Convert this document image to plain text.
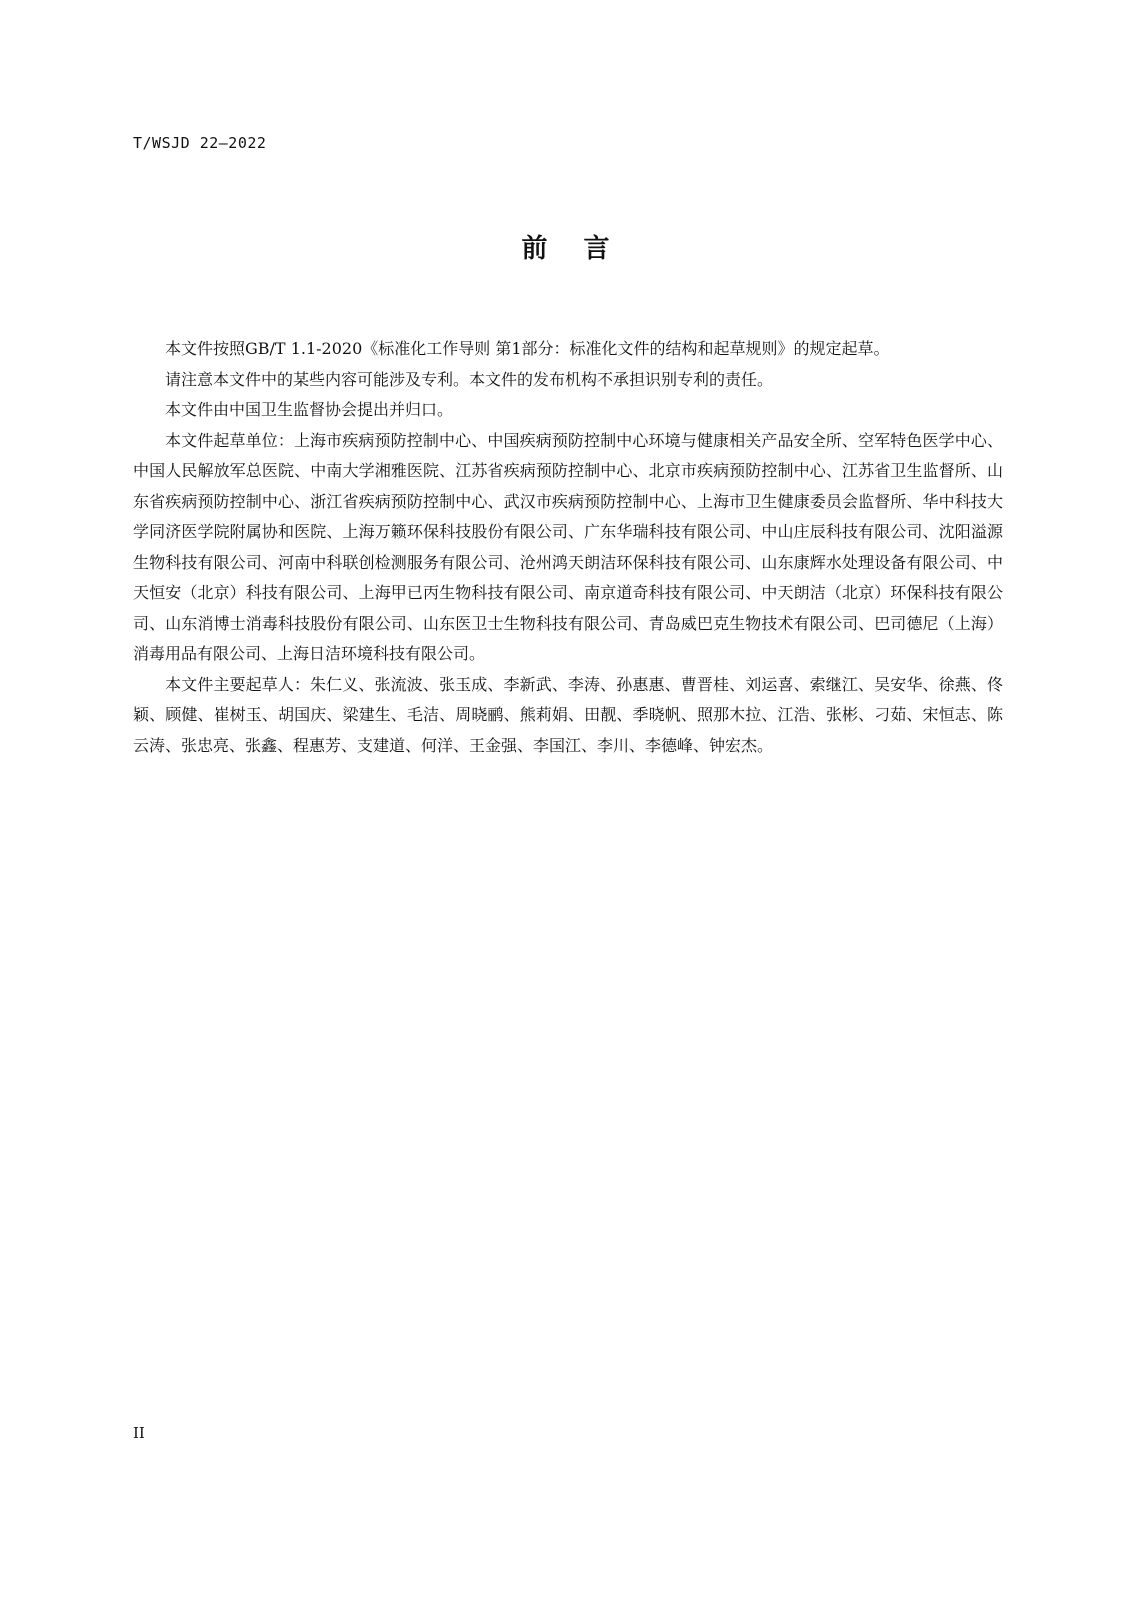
T/WSJD 22—2022
前言

本文件按照GB/T 1.1-2020《标准化工作导则 第1部分：标准化文件的结构和起草规则》的规定起草。

请注意本文件中的某些内容可能涉及专利。本文件的发布机构不承担识别专利的责任。

本文件由中国卫生监督协会提出并归口。

本文件起草单位：上海市疾病预防控制中心、中国疾病预防控制中心环境与健康相关产品安全所、空军特色医学中心、中国人民解放军总医院、中南大学湘雅医院、江苏省疾病预防控制中心、北京市疾病预防控制中心、江苏省卫生监督所、山东省疾病预防控制中心、浙江省疾病预防控制中心、武汉市疾病预防控制中心、上海市卫生健康委员会监督所、华中科技大学同济医学院附属协和医院、上海万籁环保科技股份有限公司、广东华瑞科技有限公司、中山庄辰科技有限公司、沈阳溢源生物科技有限公司、河南中科联创检测服务有限公司、沧州鸿天朗洁环保科技有限公司、山东康辉水处理设备有限公司、中天恒安（北京）科技有限公司、上海甲已丙生物科技有限公司、南京道奇科技有限公司、中天朗洁（北京）环保科技有限公司、山东消博士消毒科技股份有限公司、山东医卫士生物科技有限公司、青岛威巴克生物技术有限公司、巴司德尼（上海）消毒用品有限公司、上海日洁环境科技有限公司。

本文件主要起草人：朱仁义、张流波、张玉成、李新武、李涛、孙惠惠、曹晋桂、刘运喜、索继江、吴安华、徐燕、佟颖、顾健、崔树玉、胡国庆、梁建生、毛洁、周晓鹂、熊莉娟、田靓、季晓帆、照那木拉、江浩、张彬、刁茹、宋恒志、陈云涛、张忠亮、张鑫、程惠芳、支建道、何洋、王金强、李国江、李川、李德峰、钟宏杰。

II
